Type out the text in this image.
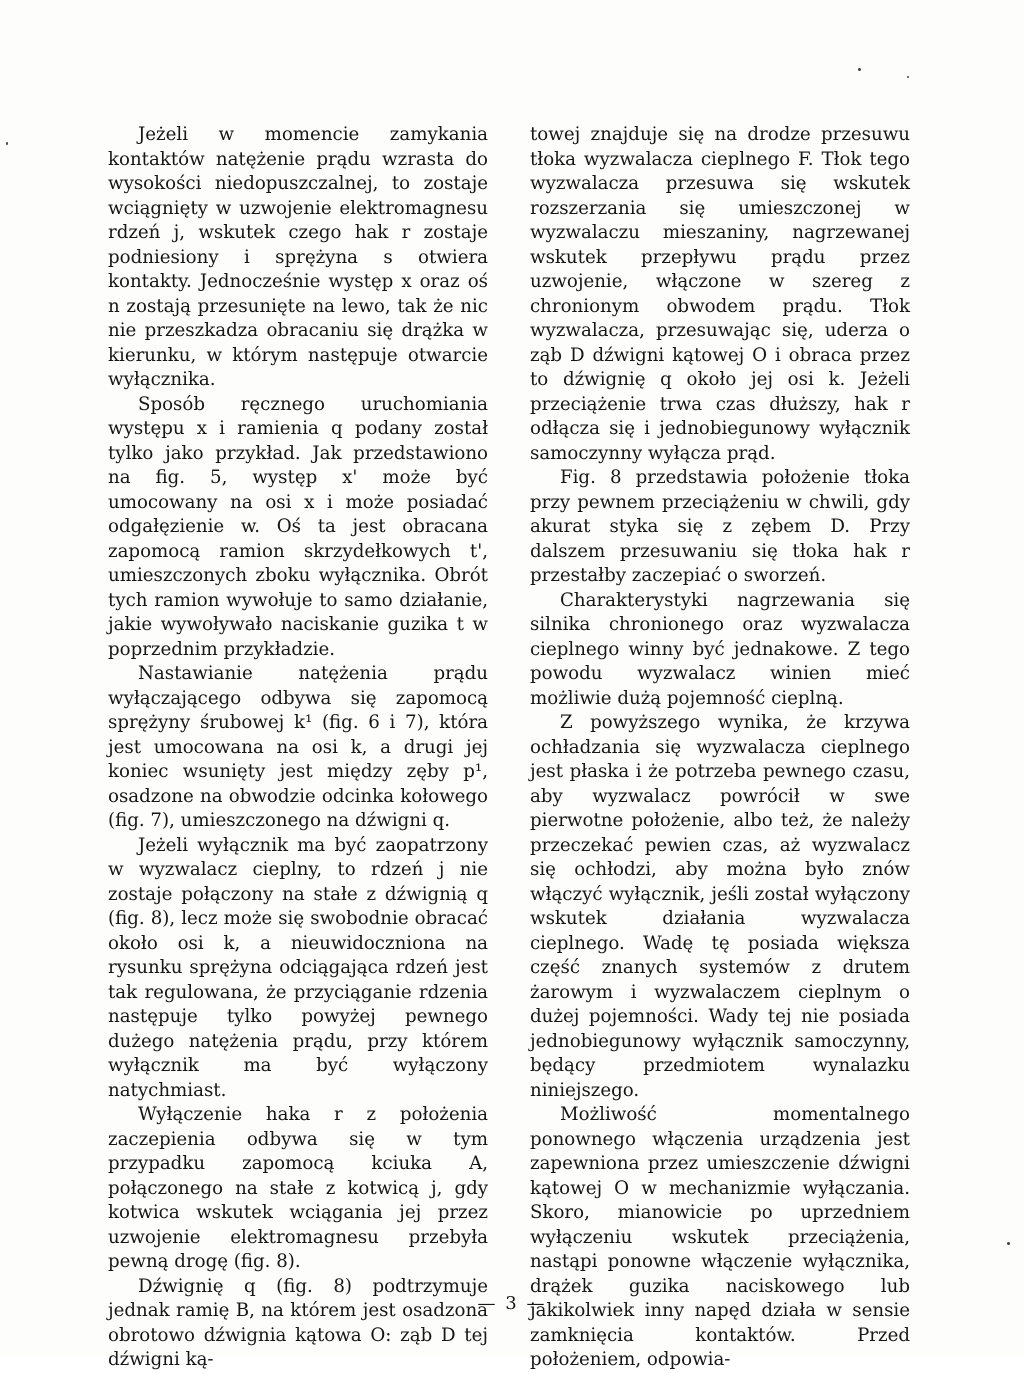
Jeżeli w momencie zamykania kontaktów natężenie prądu wzrasta do wysokości niedopuszczalnej, to zostaje wciągnięty w uzwojenie elektromagnesu rdzeń j, wskutek czego hak r zostaje podniesiony i sprężyna s otwiera kontakty. Jednocześnie występ x oraz oś n zostają przesunięte na lewo, tak że nic nie przeszkadza obracaniu się drążka w kierunku, w którym następuje otwarcie wyłącznika.

Sposób ręcznego uruchomiania występu x i ramienia q podany został tylko jako przykład. Jak przedstawiono na fig. 5, występ x' może być umocowany na osi x i może posiadać odgałęzienie w. Oś ta jest obracana zapomocą ramion skrzydełkowych t', umieszczonych zboku wyłącznika. Obrót tych ramion wywołuje to samo działanie, jakie wywoływało naciskanie guzika t w poprzednim przykładzie.

Nastawianie natężenia prądu wyłączającego odbywa się zapomocą sprężyny śrubowej k¹ (fig. 6 i 7), która jest umocowana na osi k, a drugi jej koniec wsunięty jest między zęby p¹, osadzone na obwodzie odcinka kołowego (fig. 7), umieszczonego na dźwigni q.

Jeżeli wyłącznik ma być zaopatrzony w wyzwalacz cieplny, to rdzeń j nie zostaje połączony na stałe z dźwignią q (fig. 8), lecz może się swobodnie obracać około osi k, a nieuwidoczniona na rysunku sprężyna odciągająca rdzeń jest tak regulowana, że przyciąganie rdzenia następuje tylko powyżej pewnego dużego natężenia prądu, przy którem wyłącznik ma być wyłączony natychmiast.

Wyłączenie haka r z położenia zaczepienia odbywa się w tym przypadku zapomocą kciuka A, połączonego na stałe z kotwicą j, gdy kotwica wskutek wciągania jej przez uzwojenie elektromagnesu przebyła pewną drogę (fig. 8).

Dźwignię q (fig. 8) podtrzymuje jednak ramię B, na którem jest osadzona obrotowo dźwignia kątowa O: ząb D tej dźwigni ką-

towej znajduje się na drodze przesuwu tłoka wyzwalacza cieplnego F. Tłok tego wyzwalacza przesuwa się wskutek rozszerzania się umieszczonej w wyzwalaczu mieszaniny, nagrzewanej wskutek przepływu prądu przez uzwojenie, włączone w szereg z chronionym obwodem prądu. Tłok wyzwalacza, przesuwając się, uderza o ząb D dźwigni kątowej O i obraca przez to dźwignię q około jej osi k. Jeżeli przeciążenie trwa czas dłuższy, hak r odłącza się i jednobiegunowy wyłącznik samoczynny wyłącza prąd.

Fig. 8 przedstawia położenie tłoka przy pewnem przeciążeniu w chwili, gdy akurat styka się z zębem D. Przy dalszem przesuwaniu się tłoka hak r przestałby zaczepiać o sworzeń.

Charakterystyki nagrzewania się silnika chronionego oraz wyzwalacza cieplnego winny być jednakowe. Z tego powodu wyzwalacz winien mieć możliwie dużą pojemność cieplną.

Z powyższego wynika, że krzywa ochładzania się wyzwalacza cieplnego jest płaska i że potrzeba pewnego czasu, aby wyzwalacz powrócił w swe pierwotne położenie, albo też, że należy przeczekać pewien czas, aż wyzwalacz się ochłodzi, aby można było znów włączyć wyłącznik, jeśli został wyłączony wskutek działania wyzwalacza cieplnego. Wadę tę posiada większa część znanych systemów z drutem żarowym i wyzwalaczem cieplnym o dużej pojemności. Wady tej nie posiada jednobiegunowy wyłącznik samoczynny, będący przedmiotem wynalazku niniejszego.

Możliwość momentalnego ponownego włączenia urządzenia jest zapewniona przez umieszczenie dźwigni kątowej O w mechanizmie wyłączania. Skoro, mianowicie po uprzedniem wyłączeniu wskutek przeciążenia, nastąpi ponowne włączenie wyłącznika, drążek guzika naciskowego lub jakikolwiek inny napęd działa w sensie zamknięcia kontaktów. Przed położeniem, odpowia-

— 3 —
